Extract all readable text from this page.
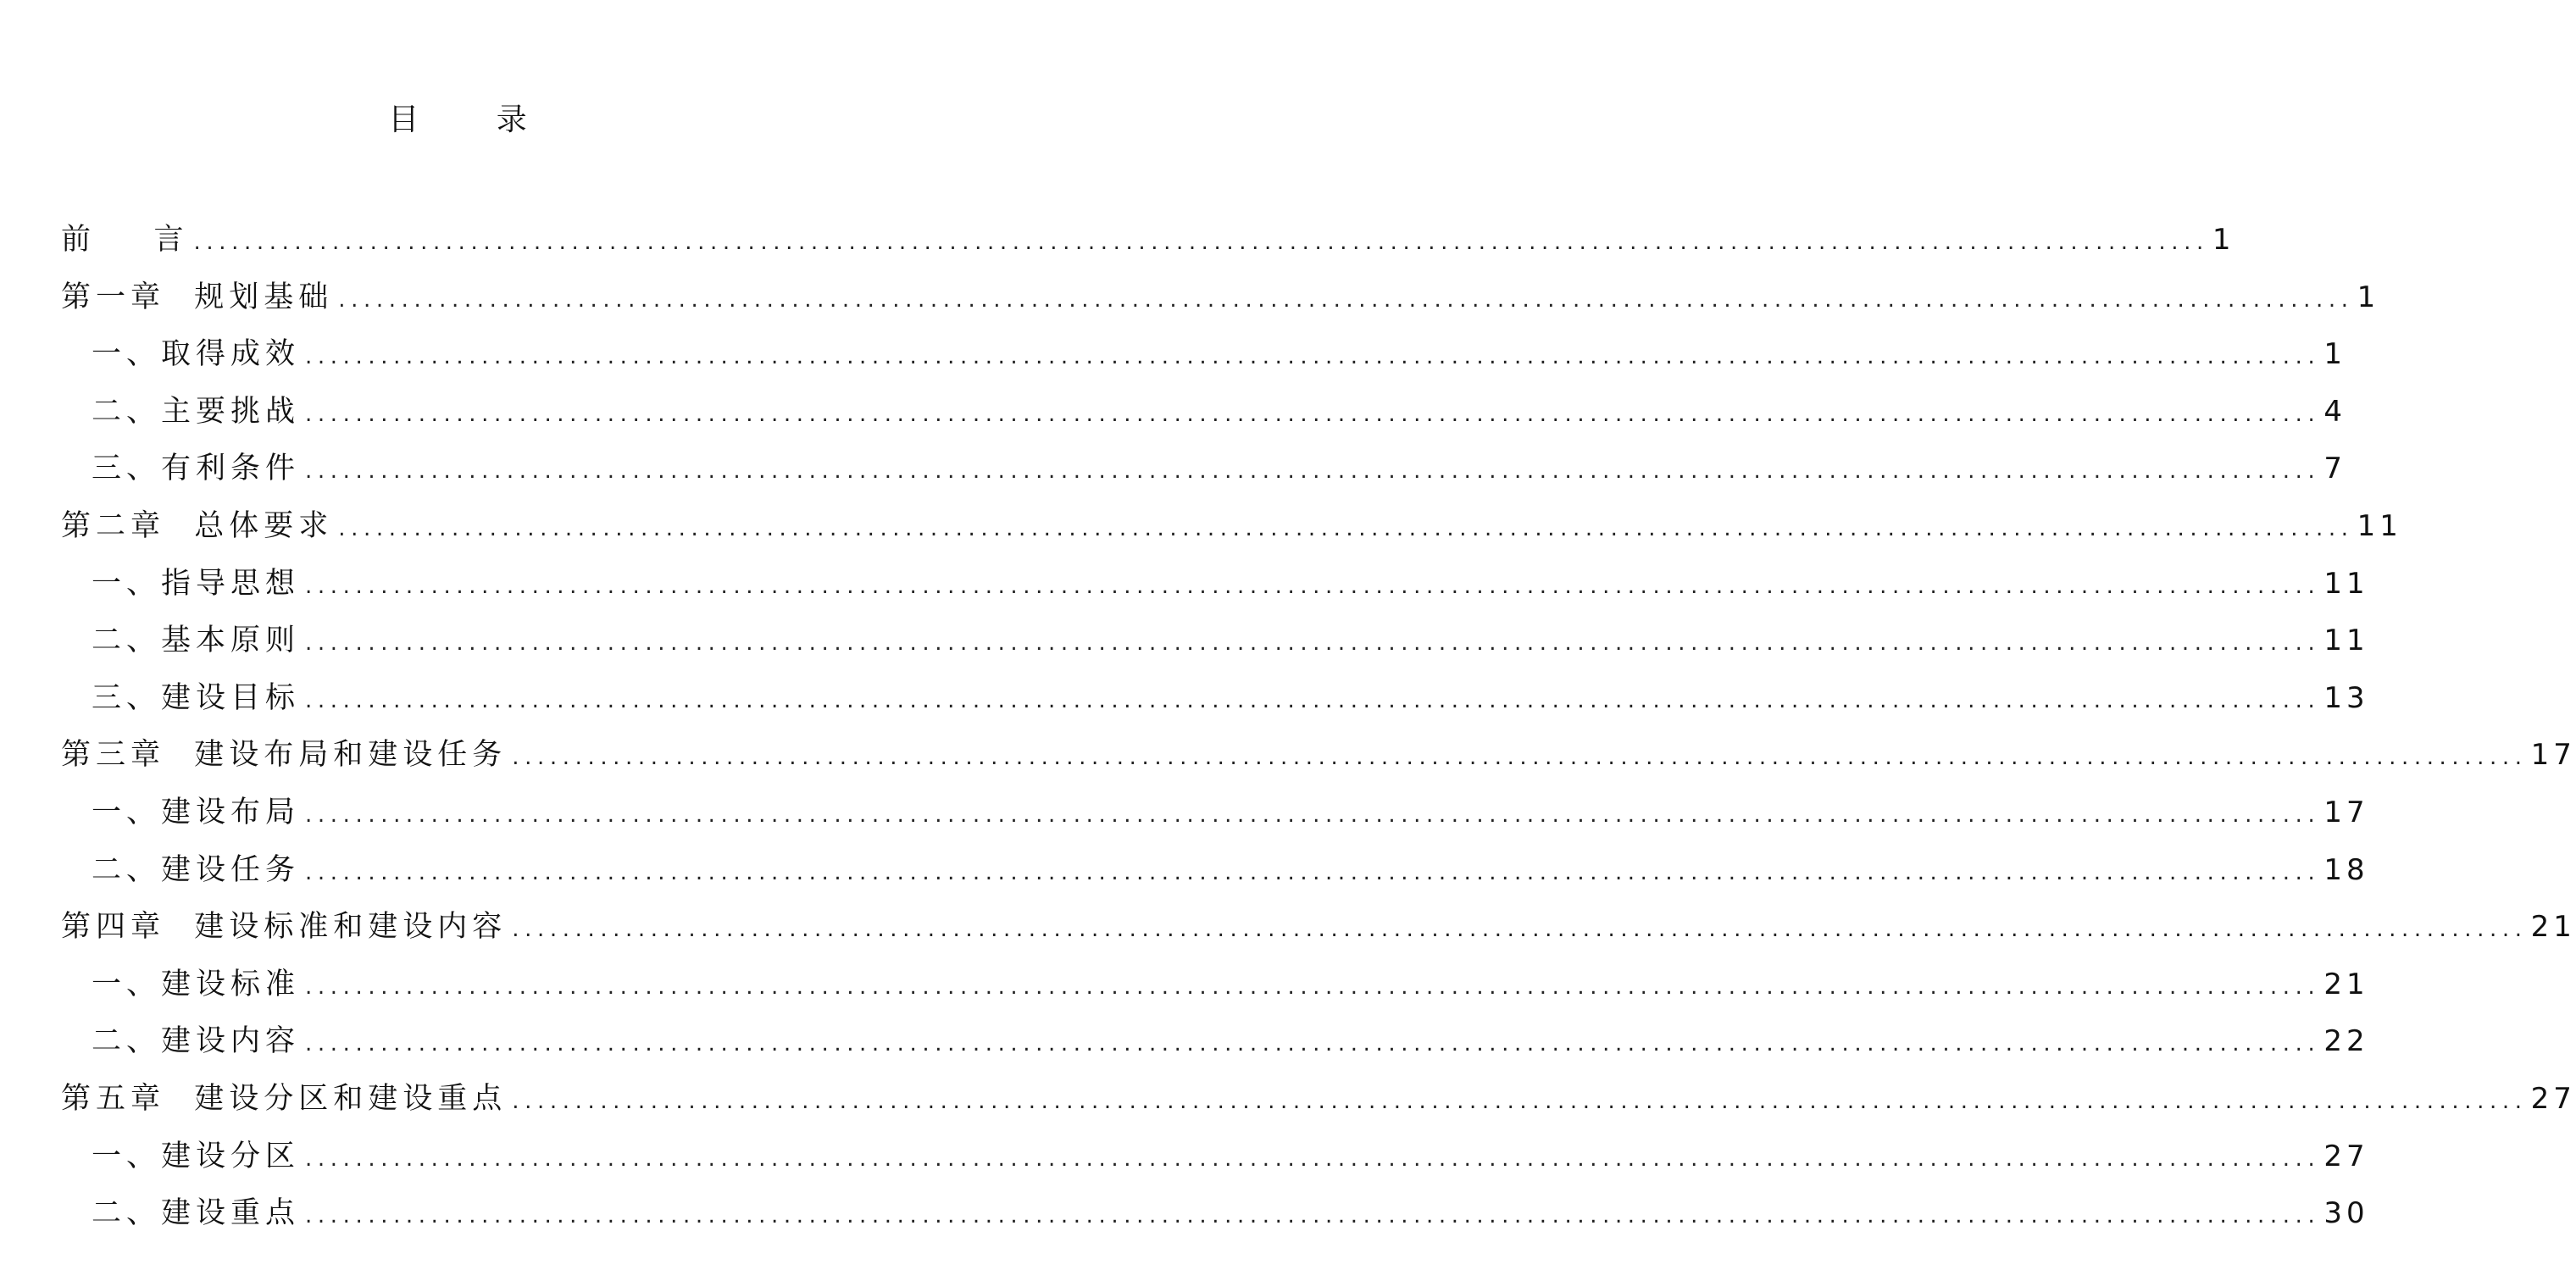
目 录
前    言 ................................................................................................................................................................ 1
第一章  规划基础 ................................................................................................................................................................ 1
一、取得成效 ................................................................................................................................................................ 1
二、主要挑战 ................................................................................................................................................................ 4
三、有利条件 ................................................................................................................................................................ 7
第二章  总体要求 ................................................................................................................................................................ 11
一、指导思想 ................................................................................................................................................................ 11
二、基本原则 ................................................................................................................................................................ 11
三、建设目标 ................................................................................................................................................................ 13
第三章  建设布局和建设任务 ................................................................................................................................................................ 17
一、建设布局 ................................................................................................................................................................ 17
二、建设任务 ................................................................................................................................................................ 18
第四章  建设标准和建设内容 ................................................................................................................................................................ 21
一、建设标准 ................................................................................................................................................................ 21
二、建设内容 ................................................................................................................................................................ 22
第五章  建设分区和建设重点 ................................................................................................................................................................ 27
一、建设分区 ................................................................................................................................................................ 27
二、建设重点 ................................................................................................................................................................ 30
